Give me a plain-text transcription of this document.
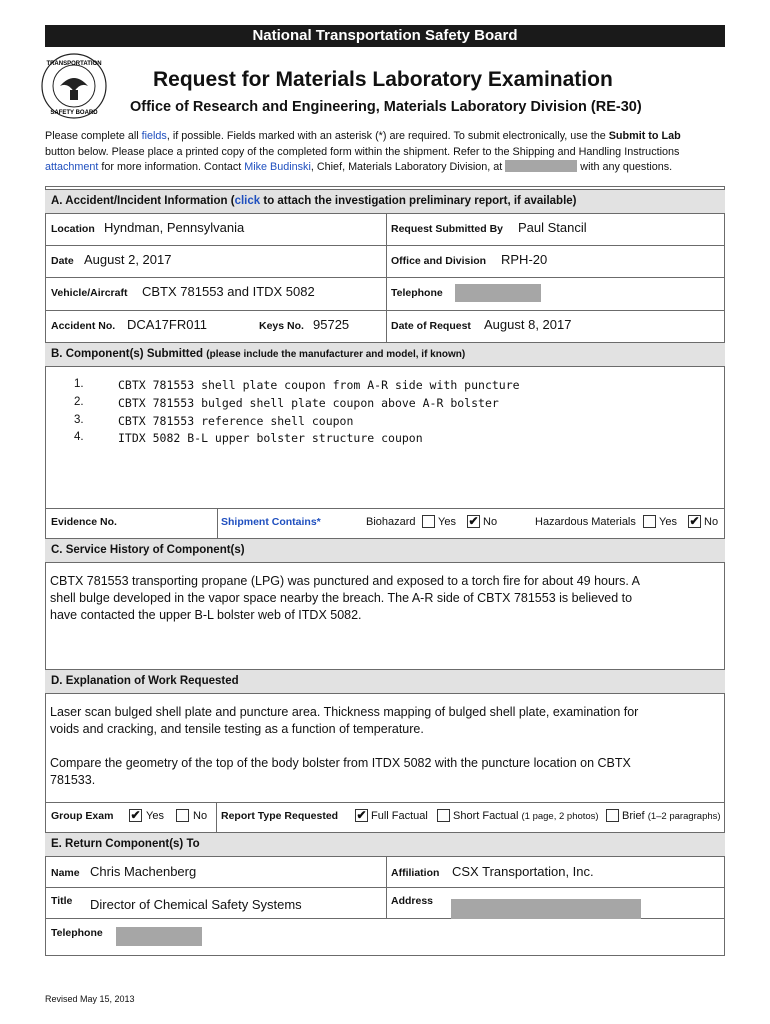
National Transportation Safety Board
TRANSPORTATION
SAFETY BOARD
Request for Materials Laboratory Examination
Office of Research and Engineering, Materials Laboratory Division (RE-30)
Please complete all fields, if possible. Fields marked with an asterisk (*) are required. To submit electronically, use the Submit to Lab
button below. Please place a printed copy of the completed form within the shipment. Refer to the Shipping and Handling Instructions
attachment for more information. Contact Mike Budinski, Chief, Materials Laboratory Division, at	with any questions.
A. Accident/Incident Information (click to attach the investigation preliminary report, if available)
Location Hyndman, Pennsylvania	Request Submitted By Paul Stancil
Date August 2, 2017	Office and Division RPH-20
Vehicle/Aircraft CBTX 781553 and ITDX 5082	Telephone
Accident No. DCA17FR011	Keys No. 95725	Date of Request August 8, 2017
B. Component(s) Submitted (please include the manufacturer and model, if known)
1.	CBTX 781553 shell plate coupon from A-R side with puncture
2.	CBTX 781553 bulged shell plate coupon above A-R bolster
3.	CBTX 781553 reference shell coupon
4.	ITDX 5082 B-L upper bolster structure coupon
Evidence No.	Shipment Contains*	Biohazard Yes ✔ No	Hazardous Materials Yes ✔ No
C. Service History of Component(s)
CBTX 781553 transporting propane (LPG) was punctured and exposed to a torch fire for about 49 hours. A
shell bulge developed in the vapor space nearby the breach. The A-R side of CBTX 781553 is believed to
have contacted the upper B-L bolster web of ITDX 5082.
D. Explanation of Work Requested
Laser scan bulged shell plate and puncture area. Thickness mapping of bulged shell plate, examination for
voids and cracking, and tensile testing as a function of temperature.
Compare the geometry of the top of the body bolster from ITDX 5082 with the puncture location on CBTX
781533.
Group Exam ✔ Yes	No Report Type Requested ✔ Full Factual Short Factual (1 page, 2 photos) Brief (1–2 paragraphs)
E. Return Component(s) To
Name Chris Machenberg	Affiliation CSX Transportation, Inc.
Title Director of Chemical Safety Systems	Address
Telephone
Revised May 15, 2013
